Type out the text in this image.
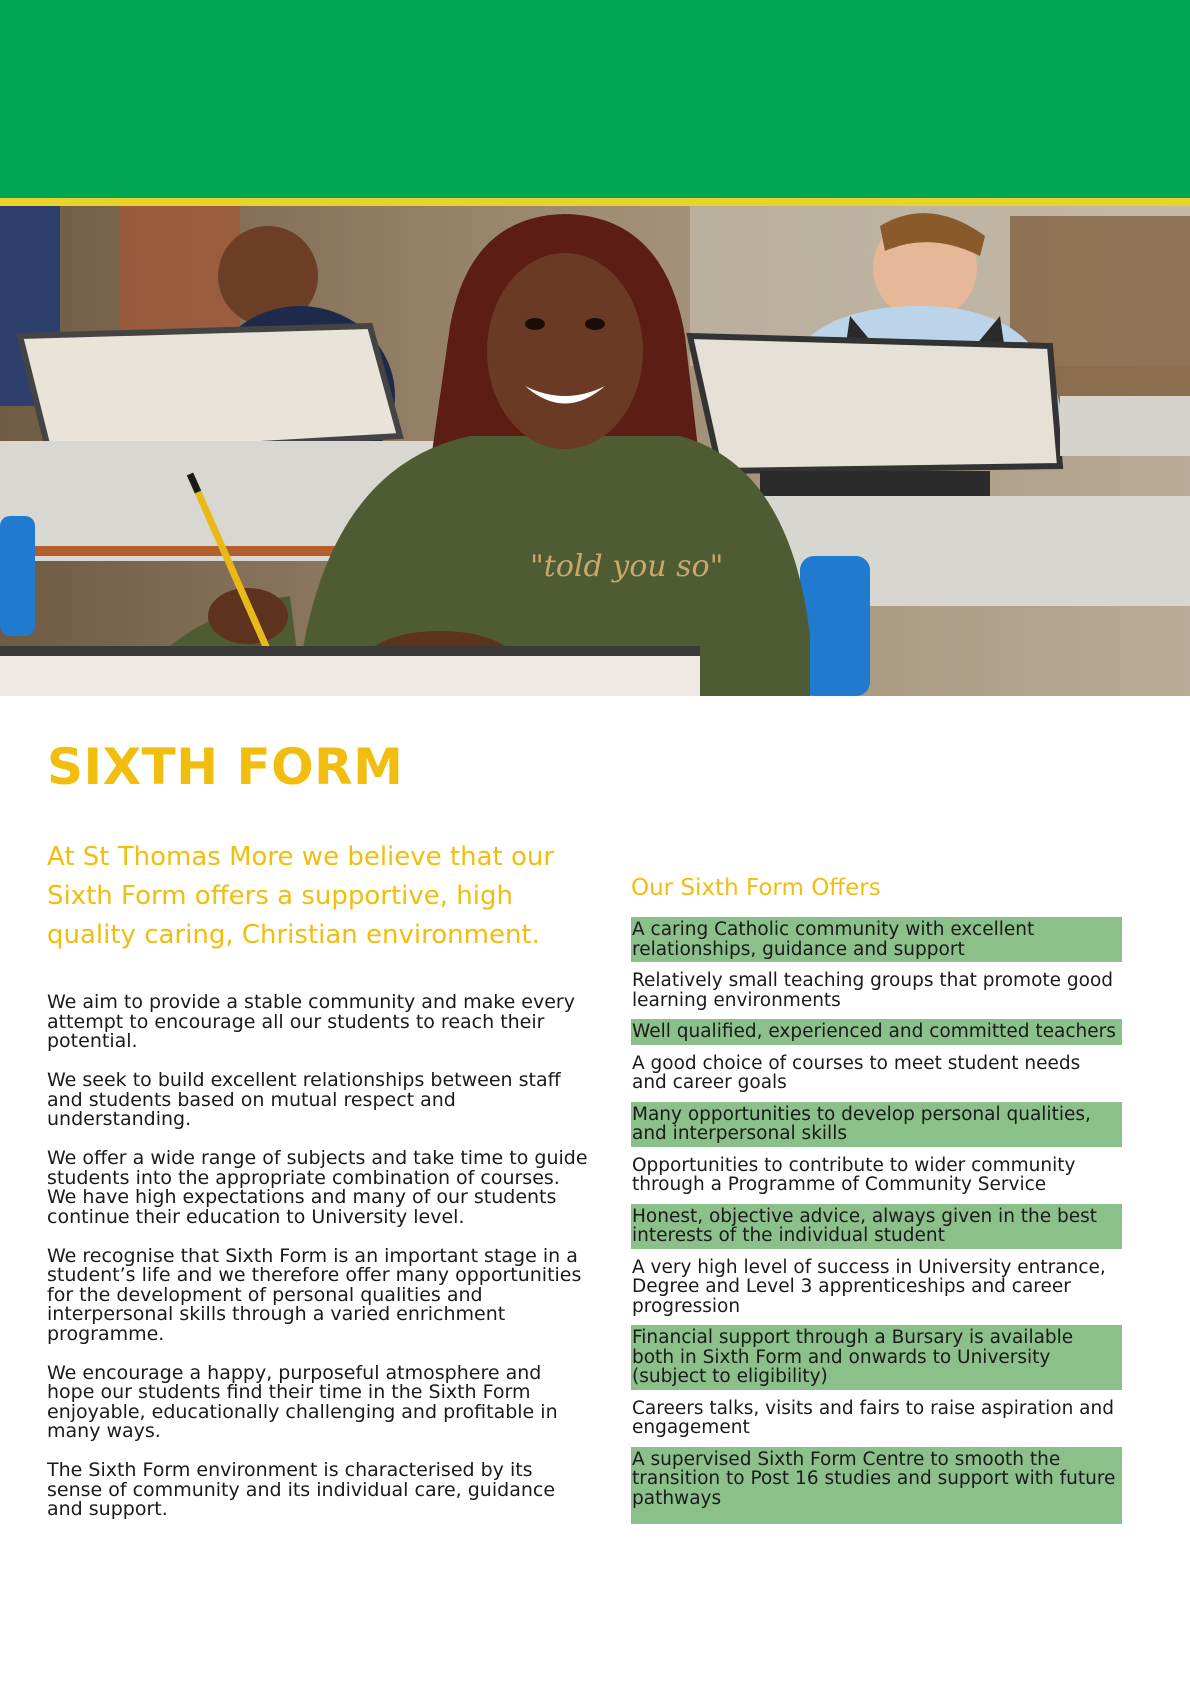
"told you so"
SIXTH FORM

At St Thomas More we believe that our Sixth Form offers a supportive, high quality caring, Christian environment.

We aim to provide a stable community and make every attempt to encourage all our students to reach their potential.

We seek to build excellent relationships between staff and students based on mutual respect and understanding.

We offer a wide range of subjects and take time to guide students into the appropriate combination of courses. We have high expectations and many of our students continue their education to University level.

We recognise that Sixth Form is an important stage in a student’s life and we therefore offer many opportunities for the development of personal qualities and interpersonal skills through a varied enrichment programme.

We encourage a happy, purposeful atmosphere and hope our students find their time in the Sixth Form enjoyable, educationally challenging and profitable in many ways.

The Sixth Form environment is characterised by its sense of community and its individual care, guidance and support.

Our Sixth Form Offers
A caring Catholic community with excellent relationships, guidance and support
Relatively small teaching groups that promote good learning environments
Well qualified, experienced and committed teachers
A good choice of courses to meet student needs and career goals
Many opportunities to develop personal qualities, and interpersonal skills
Opportunities to contribute to wider community through a Programme of Community Service
Honest, objective advice, always given in the best interests of the individual student
A very high level of success in University entrance, Degree and Level 3 apprenticeships and career progression
Financial support through a Bursary is available both in Sixth Form and onwards to University (subject to eligibility)
Careers talks, visits and fairs to raise aspiration and engagement
A supervised Sixth Form Centre to smooth the transition to Post 16 studies and support with future pathways
